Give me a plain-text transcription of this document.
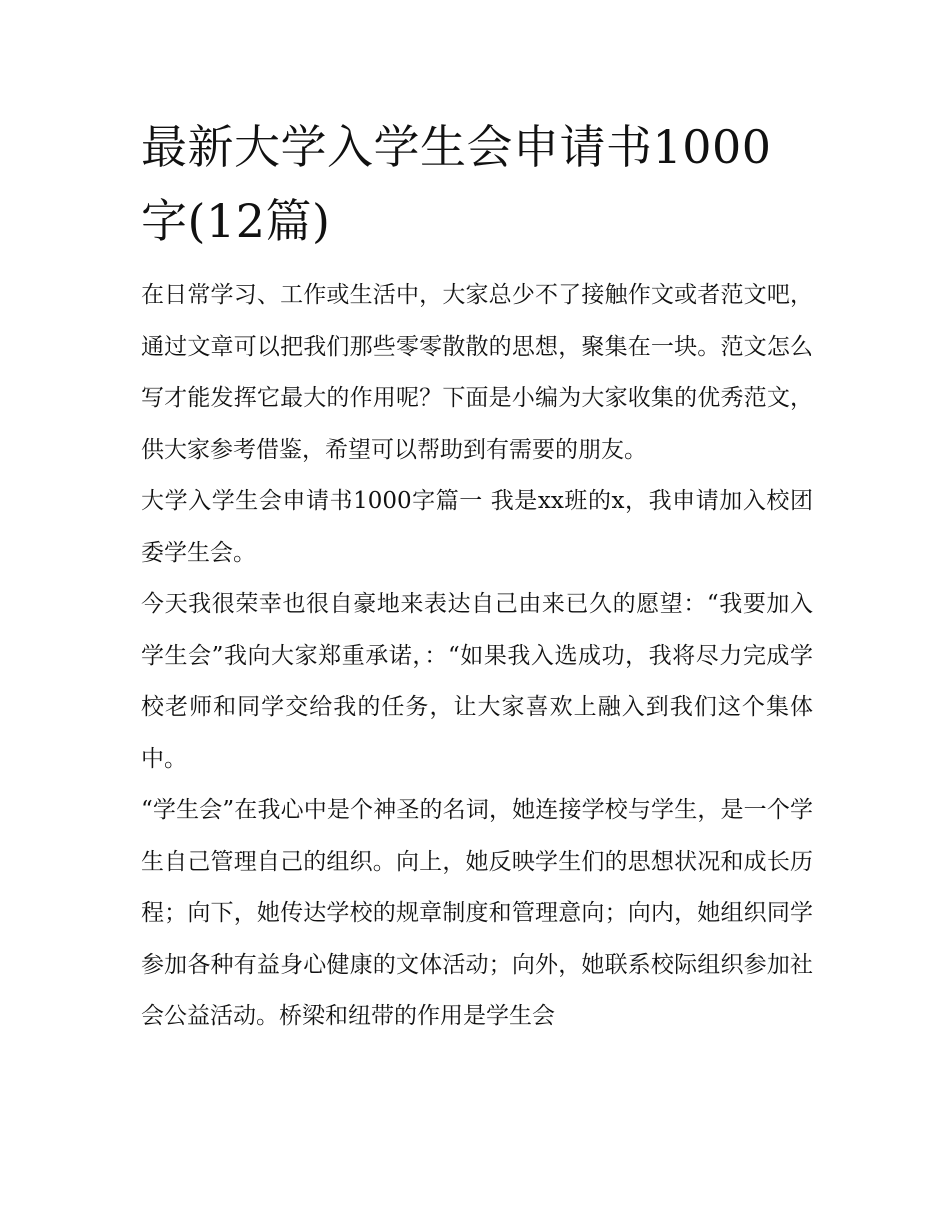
最新大学入学生会申请书1000字(12篇)

在日常学习、工作或生活中，大家总少不了接触作文或者范文吧，通过文章可以把我们那些零零散散的思想，聚集在一块。范文怎么写才能发挥它最大的作用呢？下面是小编为大家收集的优秀范文，供大家参考借鉴，希望可以帮助到有需要的朋友。

大学入学生会申请书1000字篇一 我是xx班的x，我申请加入校团委学生会。

今天我很荣幸也很自豪地来表达自己由来已久的愿望：“我要加入学生会”我向大家郑重承诺，：“如果我入选成功，我将尽力完成学校老师和同学交给我的任务，让大家喜欢上融入到我们这个集体中。

“学生会”在我心中是个神圣的名词，她连接学校与学生，是一个学生自己管理自己的组织。向上，她反映学生们的思想状况和成长历程；向下，她传达学校的规章制度和管理意向；向内，她组织同学参加各种有益身心健康的文体活动；向外，她联系校际组织参加社会公益活动。桥梁和纽带的作用是学生会
